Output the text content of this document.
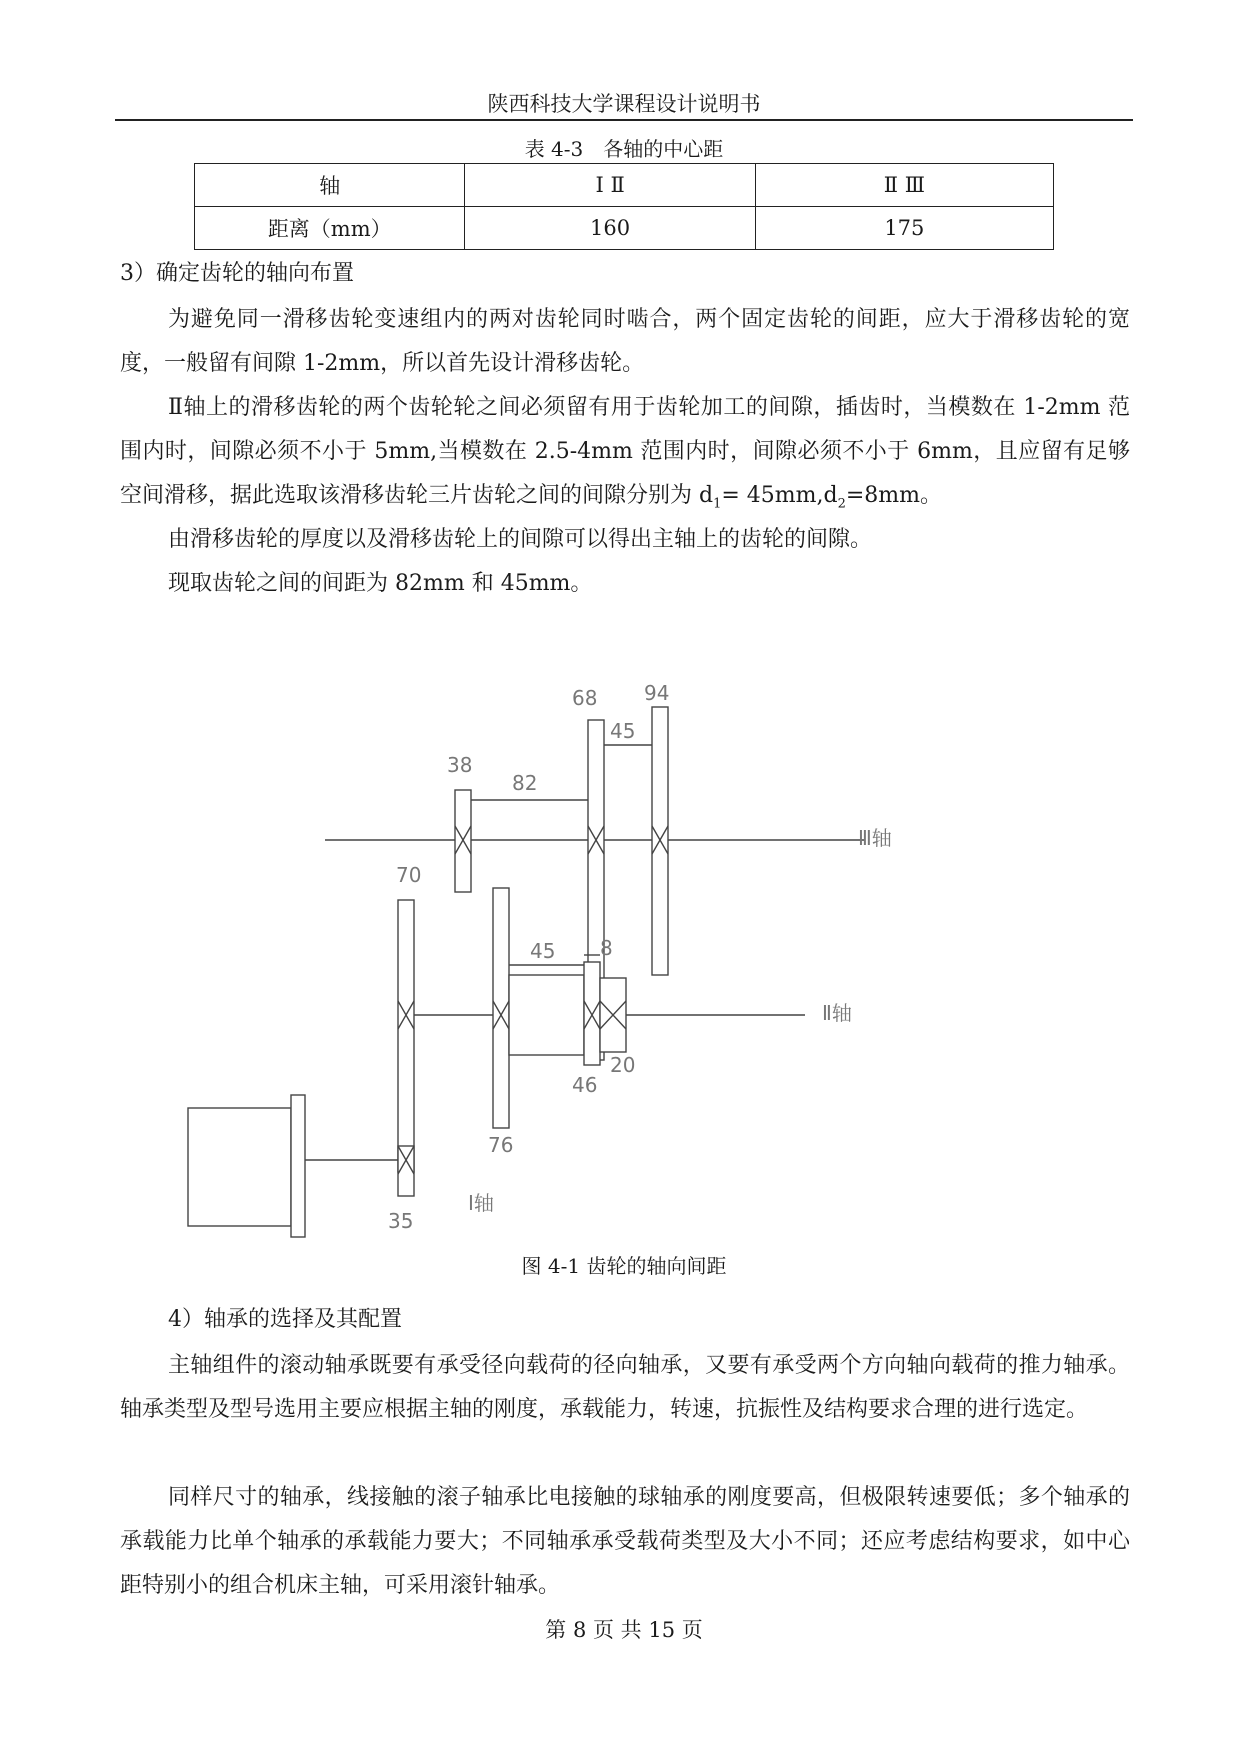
陕西科技大学课程设计说明书
表 4-3　各轴的中心距
轴	Ⅰ Ⅱ	Ⅱ Ⅲ
距离（mm）	160	175
3）确定齿轮的轴向布置
为避免同一滑移齿轮变速组内的两对齿轮同时啮合，两个固定齿轮的间距，应大于滑移齿轮的宽度，一般留有间隙 1-2mm，所以首先设计滑移齿轮。
Ⅱ轴上的滑移齿轮的两个齿轮轮之间必须留有用于齿轮加工的间隙，插齿时，当模数在 1-2mm 范围内时，间隙必须不小于 5mm,当模数在 2.5-4mm 范围内时，间隙必须不小于 6mm，且应留有足够空间滑移，据此选取该滑移齿轮三片齿轮之间的间隙分别为 $d_1= 45mm,d_2=8mm$。
由滑移齿轮的厚度以及滑移齿轮上的间隙可以得出主轴上的齿轮的间隙。
现取齿轮之间的间距为 82mm 和 45mm。
94
68
45
38
82
70
45 8
20
46
76
35
Ⅲ轴
Ⅱ轴
Ⅰ轴
图 4-1 齿轮的轴向间距
4）轴承的选择及其配置
主轴组件的滚动轴承既要有承受径向载荷的径向轴承，又要有承受两个方向轴向载荷的推力轴承。轴承类型及型号选用主要应根据主轴的刚度，承载能力，转速，抗振性及结构要求合理的进行选定。
同样尺寸的轴承，线接触的滚子轴承比电接触的球轴承的刚度要高，但极限转速要低；多个轴承的承载能力比单个轴承的承载能力要大；不同轴承承受载荷类型及大小不同；还应考虑结构要求，如中心距特别小的组合机床主轴，可采用滚针轴承。
第 8 页 共 15 页
